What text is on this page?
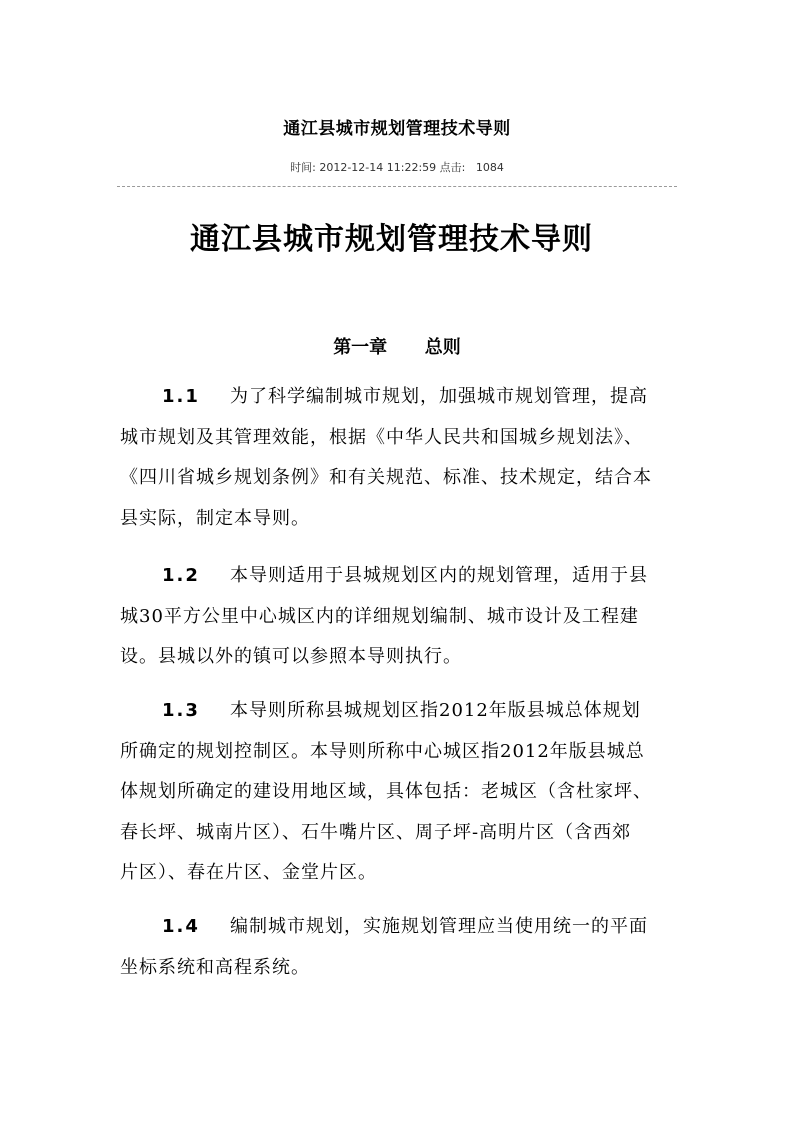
通江县城市规划管理技术导则
时间: 2012-12-14 11:22:59 点击:   1084
通江县城市规划管理技术导则
第一章      总则
1.1 为了科学编制城市规划，加强城市规划管理，提高
城市规划及其管理效能，根据《中华人民共和国城乡规划法》、
《四川省城乡规划条例》和有关规范、标准、技术规定，结合本
县实际，制定本导则。
1.2 本导则适用于县城规划区内的规划管理，适用于县
城30平方公里中心城区内的详细规划编制、城市设计及工程建
设。县城以外的镇可以参照本导则执行。
1.3 本导则所称县城规划区指2012年版县城总体规划
所确定的规划控制区。本导则所称中心城区指2012年版县城总
体规划所确定的建设用地区域，具体包括：老城区（含杜家坪、
春长坪、城南片区）、石牛嘴片区、周子坪-高明片区（含西郊
片区）、春在片区、金堂片区。
1.4 编制城市规划，实施规划管理应当使用统一的平面
坐标系统和高程系统。
